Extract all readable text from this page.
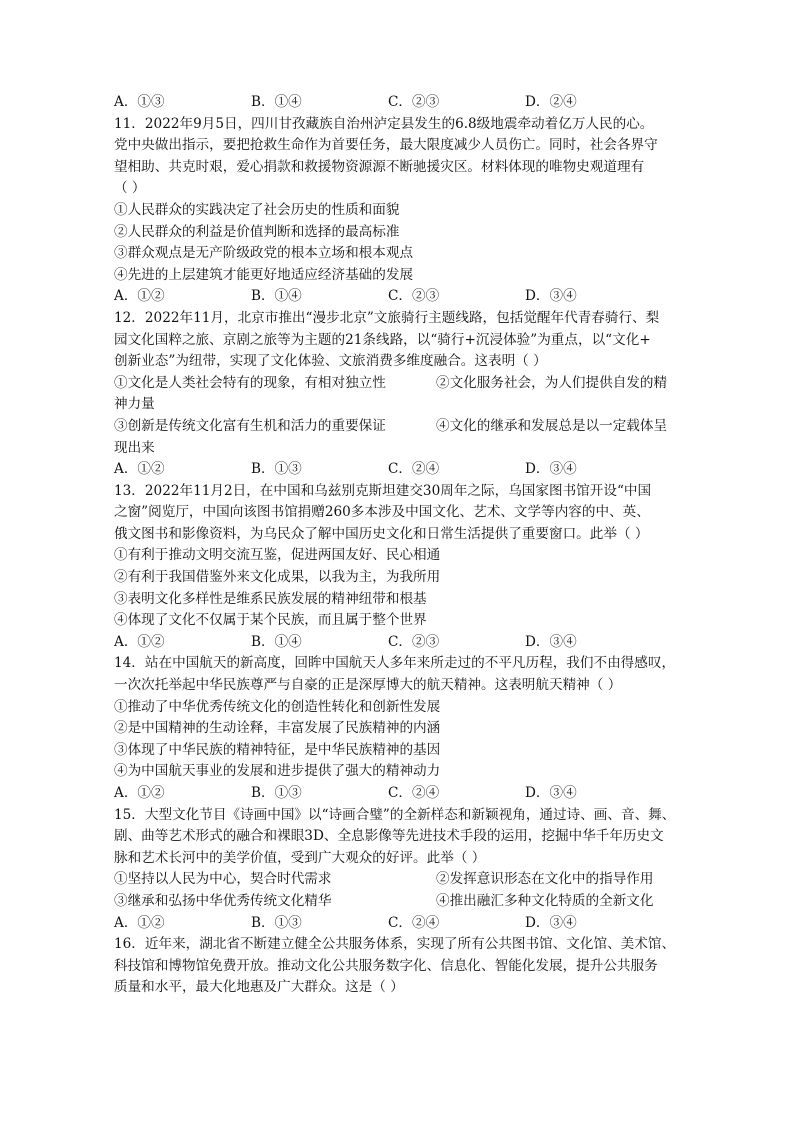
A．①③	B．①④	C．②③	D．②④
11．2022年9月5日，四川甘孜藏族自治州泸定县发生的6.8级地震牵动着亿万人民的心。
党中央做出指示，要把抢救生命作为首要任务，最大限度减少人员伤亡。同时，社会各界守
望相助、共克时艰，爱心捐款和救援物资源源不断驰援灾区。材料体现的唯物史观道理有
（ ）
①人民群众的实践决定了社会历史的性质和面貌
②人民群众的利益是价值判断和选择的最高标准
③群众观点是无产阶级政党的根本立场和根本观点
④先进的上层建筑才能更好地适应经济基础的发展
A．①②	B．①④	C．②③	D．③④
12．2022年11月，北京市推出“漫步北京”文旅骑行主题线路，包括觉醒年代青春骑行、梨
园文化国粹之旅、京剧之旅等为主题的21条线路，以“骑行+沉浸体验”为重点，以“文化+
创新业态”为纽带，实现了文化体验、文旅消费多维度融合。这表明（ ）
①文化是人类社会特有的现象，有相对独立性	②文化服务社会，为人们提供自发的精
神力量
③创新是传统文化富有生机和活力的重要保证	④文化的继承和发展总是以一定载体呈
现出来
A．①②	B．①③	C．②④	D．③④
13．2022年11月2日，在中国和乌兹别克斯坦建交30周年之际，乌国家图书馆开设“中国
之窗”阅览厅，中国向该图书馆捐赠260多本涉及中国文化、艺术、文学等内容的中、英、
俄文图书和影像资料，为乌民众了解中国历史文化和日常生活提供了重要窗口。此举（ ）
①有利于推动文明交流互鉴，促进两国友好、民心相通
②有利于我国借鉴外来文化成果，以我为主，为我所用
③表明文化多样性是维系民族发展的精神纽带和根基
④体现了文化不仅属于某个民族，而且属于整个世界
A．①②	B．①④	C．②③	D．③④
14．站在中国航天的新高度，回眸中国航天人多年来所走过的不平凡历程，我们不由得感叹，
一次次托举起中华民族尊严与自豪的正是深厚博大的航天精神。这表明航天精神（ ）
①推动了中华优秀传统文化的创造性转化和创新性发展
②是中国精神的生动诠释，丰富发展了民族精神的内涵
③体现了中华民族的精神特征，是中华民族精神的基因
④为中国航天事业的发展和进步提供了强大的精神动力
A．①②	B．①③	C．②④	D．③④
15．大型文化节目《诗画中国》以“诗画合璧”的全新样态和新颖视角，通过诗、画、音、舞、
剧、曲等艺术形式的融合和裸眼3D、全息影像等先进技术手段的运用，挖掘中华千年历史文
脉和艺术长河中的美学价值，受到广大观众的好评。此举（ ）
①坚持以人民为中心，契合时代需求	②发挥意识形态在文化中的指导作用
③继承和弘扬中华优秀传统文化精华	④推出融汇多种文化特质的全新文化
A．①②	B．①③	C．②④	D．③④
16．近年来，湖北省不断建立健全公共服务体系，实现了所有公共图书馆、文化馆、美术馆、
科技馆和博物馆免费开放。推动文化公共服务数字化、信息化、智能化发展，提升公共服务
质量和水平，最大化地惠及广大群众。这是（ ）
